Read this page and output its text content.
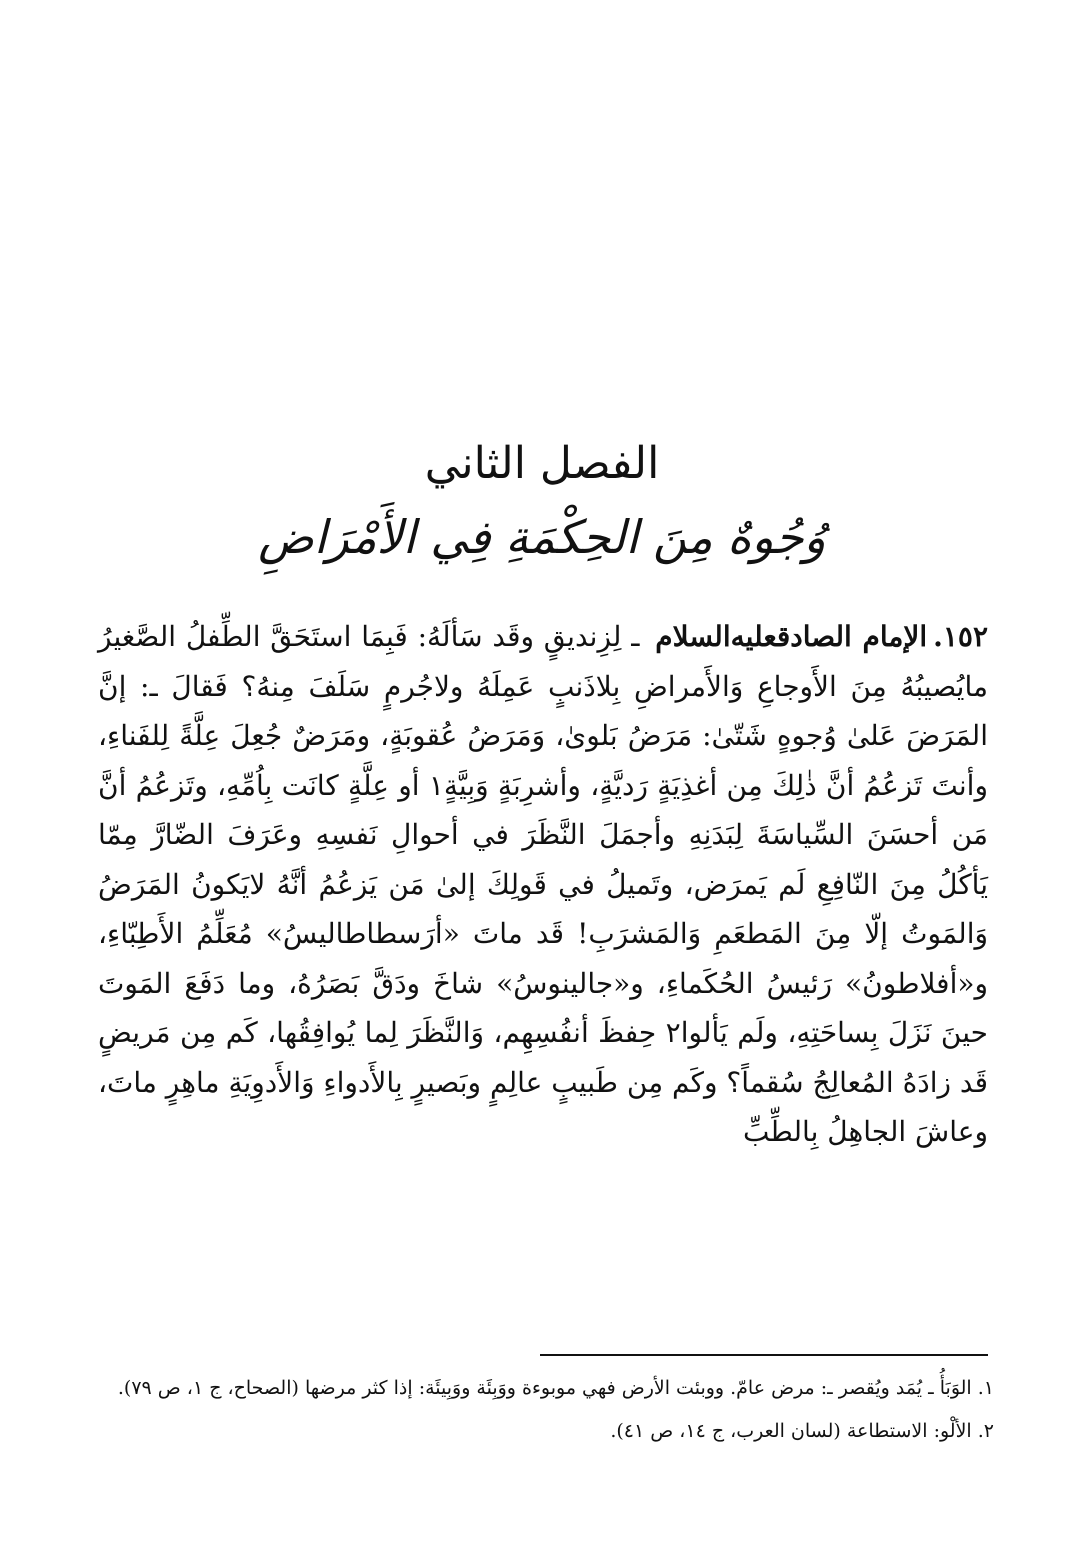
الفصل الثاني
وُجُوهٌ مِنَ الحِكْمَةِ فِي الأَمْرَاضِ

١٥٢.الإمام الصادقعليه‌السلام ـ لِزِنديقٍ وقَد سَألَهُ: فَبِمَا استَحَقَّ الطِّفلُ الصَّغيرُ مايُصيبُهُ مِنَ الأَوجاعِ وَالأَمراضِ بِلاذَنبٍ عَمِلَهُ ولاجُرمٍ سَلَفَ مِنهُ؟ فَقالَ ـ: إنَّ المَرَضَ عَلىٰ وُجوهٍ شَتّىٰ: مَرَضُ بَلوىٰ، وَمَرَضُ عُقوبَةٍ، ومَرَضٌ جُعِلَ عِلَّةً لِلفَناءِ، وأنتَ تَزعُمُ أنَّ ذٰلِكَ مِن أغذِيَةٍ رَديَّةٍ، وأشرِبَةٍ وَبِيَّةٍ١ أو عِلَّةٍ كانَت بِاُمِّهِ، وتَزعُمُ أنَّ مَن أحسَنَ السِّياسَةَ لِبَدَنِهِ وأجمَلَ النَّظَرَ في أحوالِ نَفسِهِ وعَرَفَ الضّارَّ مِمّا يَأكُلُ مِنَ النّافِعِ لَم يَمرَض، وتَميلُ في قَولِكَ إلىٰ مَن يَزعُمُ أنَّهُ لايَكونُ المَرَضُ وَالمَوتُ إلّا مِنَ المَطعَمِ وَالمَشرَبِ! قَد ماتَ «أرَسطاطاليسُ» مُعَلِّمُ الأَطِبّاءِ، و«أفلاطونُ» رَئيسُ الحُكَماءِ، و«جالينوسُ» شاخَ ودَقَّ بَصَرُهُ، وما دَفَعَ المَوتَ حينَ نَزَلَ بِساحَتِهِ، ولَم يَألوا٢ حِفظَ أنفُسِهِم، وَالنَّظَرَ لِما يُوافِقُها، كَم مِن مَريضٍ قَد زادَهُ المُعالِجُ سُقماً؟ وكَم مِن طَبيبٍ عالِمٍ وبَصيرٍ بِالأَدواءِ وَالأَدوِيَةِ ماهِرٍ ماتَ، وعاشَ الجاهِلُ بِالطِّبِّ

١. الوَبَأُ ـ يُمَد ويُقصر ـ: مرض عامّ. ووبئت الأرض فهي موبوءة ووَبِئَة ووَبِيئَة: إذا كثر مرضها (الصحاح، ج ١، ص ٧٩).
٢. الألْو: الاستطاعة (لسان العرب، ج ١٤، ص ٤١).
